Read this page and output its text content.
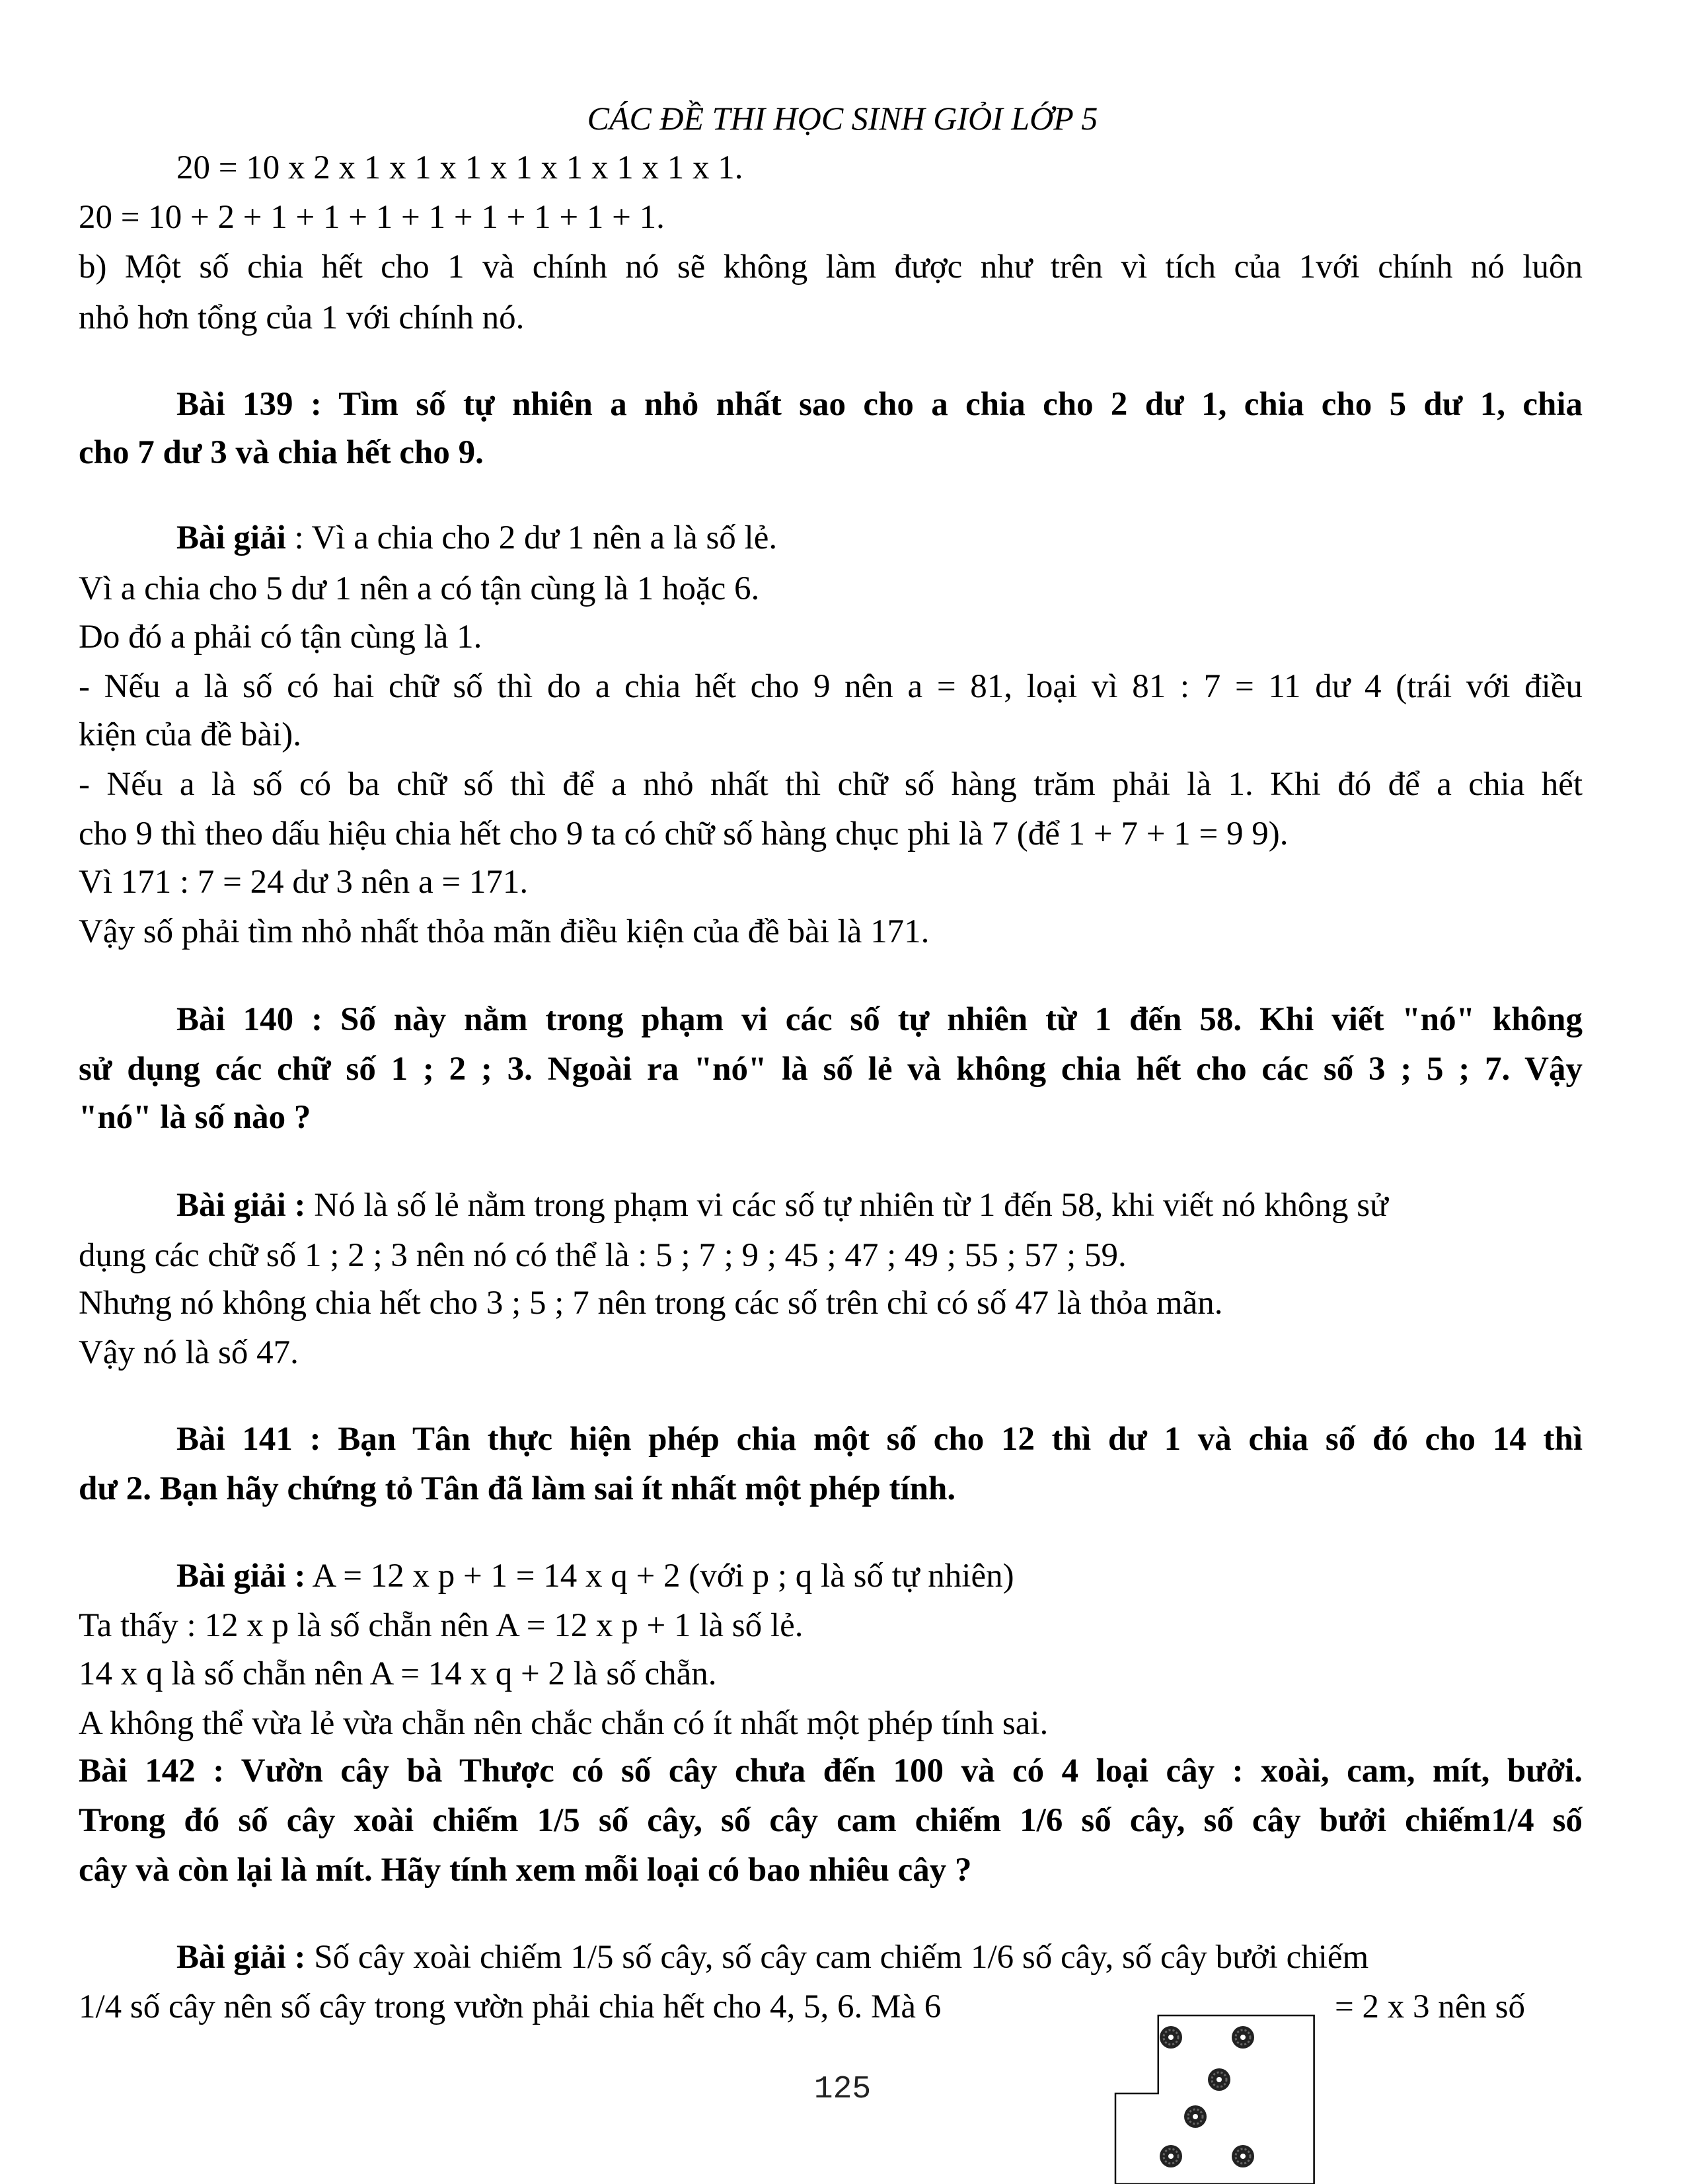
CÁC ĐỀ THI HỌC SINH GIỎI LỚP 5
20 = 10 x 2 x 1 x 1 x 1 x 1 x 1 x 1 x 1 x 1.
20 = 10 + 2 + 1 + 1 + 1 + 1 + 1 + 1 + 1 + 1.
b) Một số chia hết cho 1 và chính nó sẽ không làm được như trên vì tích của 1với chính nó luôn
nhỏ hơn tổng của 1 với chính nó.
Bài 139 : Tìm số tự nhiên a nhỏ nhất sao cho a chia cho 2 dư 1, chia cho 5 dư 1, chia
cho 7 dư 3 và chia hết cho 9.
Bài giải : Vì a chia cho 2 dư 1 nên a là số lẻ.
Vì a chia cho 5 dư 1 nên a có tận cùng là 1 hoặc 6.
Do đó a phải có tận cùng là 1.
- Nếu a là số có hai chữ số thì do a chia hết cho 9 nên a = 81, loại vì 81 : 7 = 11 dư 4 (trái với điều
kiện của đề bài).
- Nếu a là số có ba chữ số thì để a nhỏ nhất thì chữ số hàng trăm phải là 1. Khi đó để a chia hết
cho 9 thì theo dấu hiệu chia hết cho 9 ta có chữ số hàng chục phi là 7 (để 1 + 7 + 1 = 9 9).
Vì 171 : 7 = 24 dư 3 nên a = 171.
Vậy số phải tìm nhỏ nhất thỏa mãn điều kiện của đề bài là 171.
Bài 140 : Số này nằm trong phạm vi các số tự nhiên từ 1 đến 58. Khi viết "nó" không
sử dụng các chữ số 1 ; 2 ; 3. Ngoài ra "nó" là số lẻ và không chia hết cho các số 3 ; 5 ; 7. Vậy
"nó" là số nào ?
Bài giải : Nó là số lẻ nằm trong phạm vi các số tự nhiên từ 1 đến 58, khi viết nó không sử
dụng các chữ số 1 ; 2 ; 3 nên nó có thể là : 5 ; 7 ; 9 ; 45 ; 47 ; 49 ; 55 ; 57 ; 59.
Nhưng nó không chia hết cho 3 ; 5 ; 7 nên trong các số trên chỉ có số 47 là thỏa mãn.
Vậy nó là số 47.
Bài 141 : Bạn Tân thực hiện phép chia một số cho 12 thì dư 1 và chia số đó cho 14 thì
dư 2. Bạn hãy chứng tỏ Tân đã làm sai ít nhất một phép tính.
Bài giải : A = 12 x p + 1 = 14 x q + 2 (với p ; q là số tự nhiên)
Ta thấy : 12 x p là số chẵn nên A = 12 x p + 1 là số lẻ.
14 x q là số chẵn nên A = 14 x q + 2 là số chẵn.
A không thể vừa lẻ vừa chẵn nên chắc chắn có ít nhất một phép tính sai.
Bài 142 : Vườn cây bà Thược có số cây chưa đến 100 và có 4 loại cây : xoài, cam, mít, bưởi.
Trong đó số cây xoài chiếm 1/5 số cây, số cây cam chiếm 1/6 số cây, số cây bưởi chiếm1/4 số
cây và còn lại là mít. Hãy tính xem mỗi loại có bao nhiêu cây ?
Bài giải : Số cây xoài chiếm 1/5 số cây, số cây cam chiếm 1/6 số cây, số cây bưởi chiếm
1/4 số cây nên số cây trong vườn phải chia hết cho 4, 5, 6. Mà 6	= 2 x 3 nên số
125
